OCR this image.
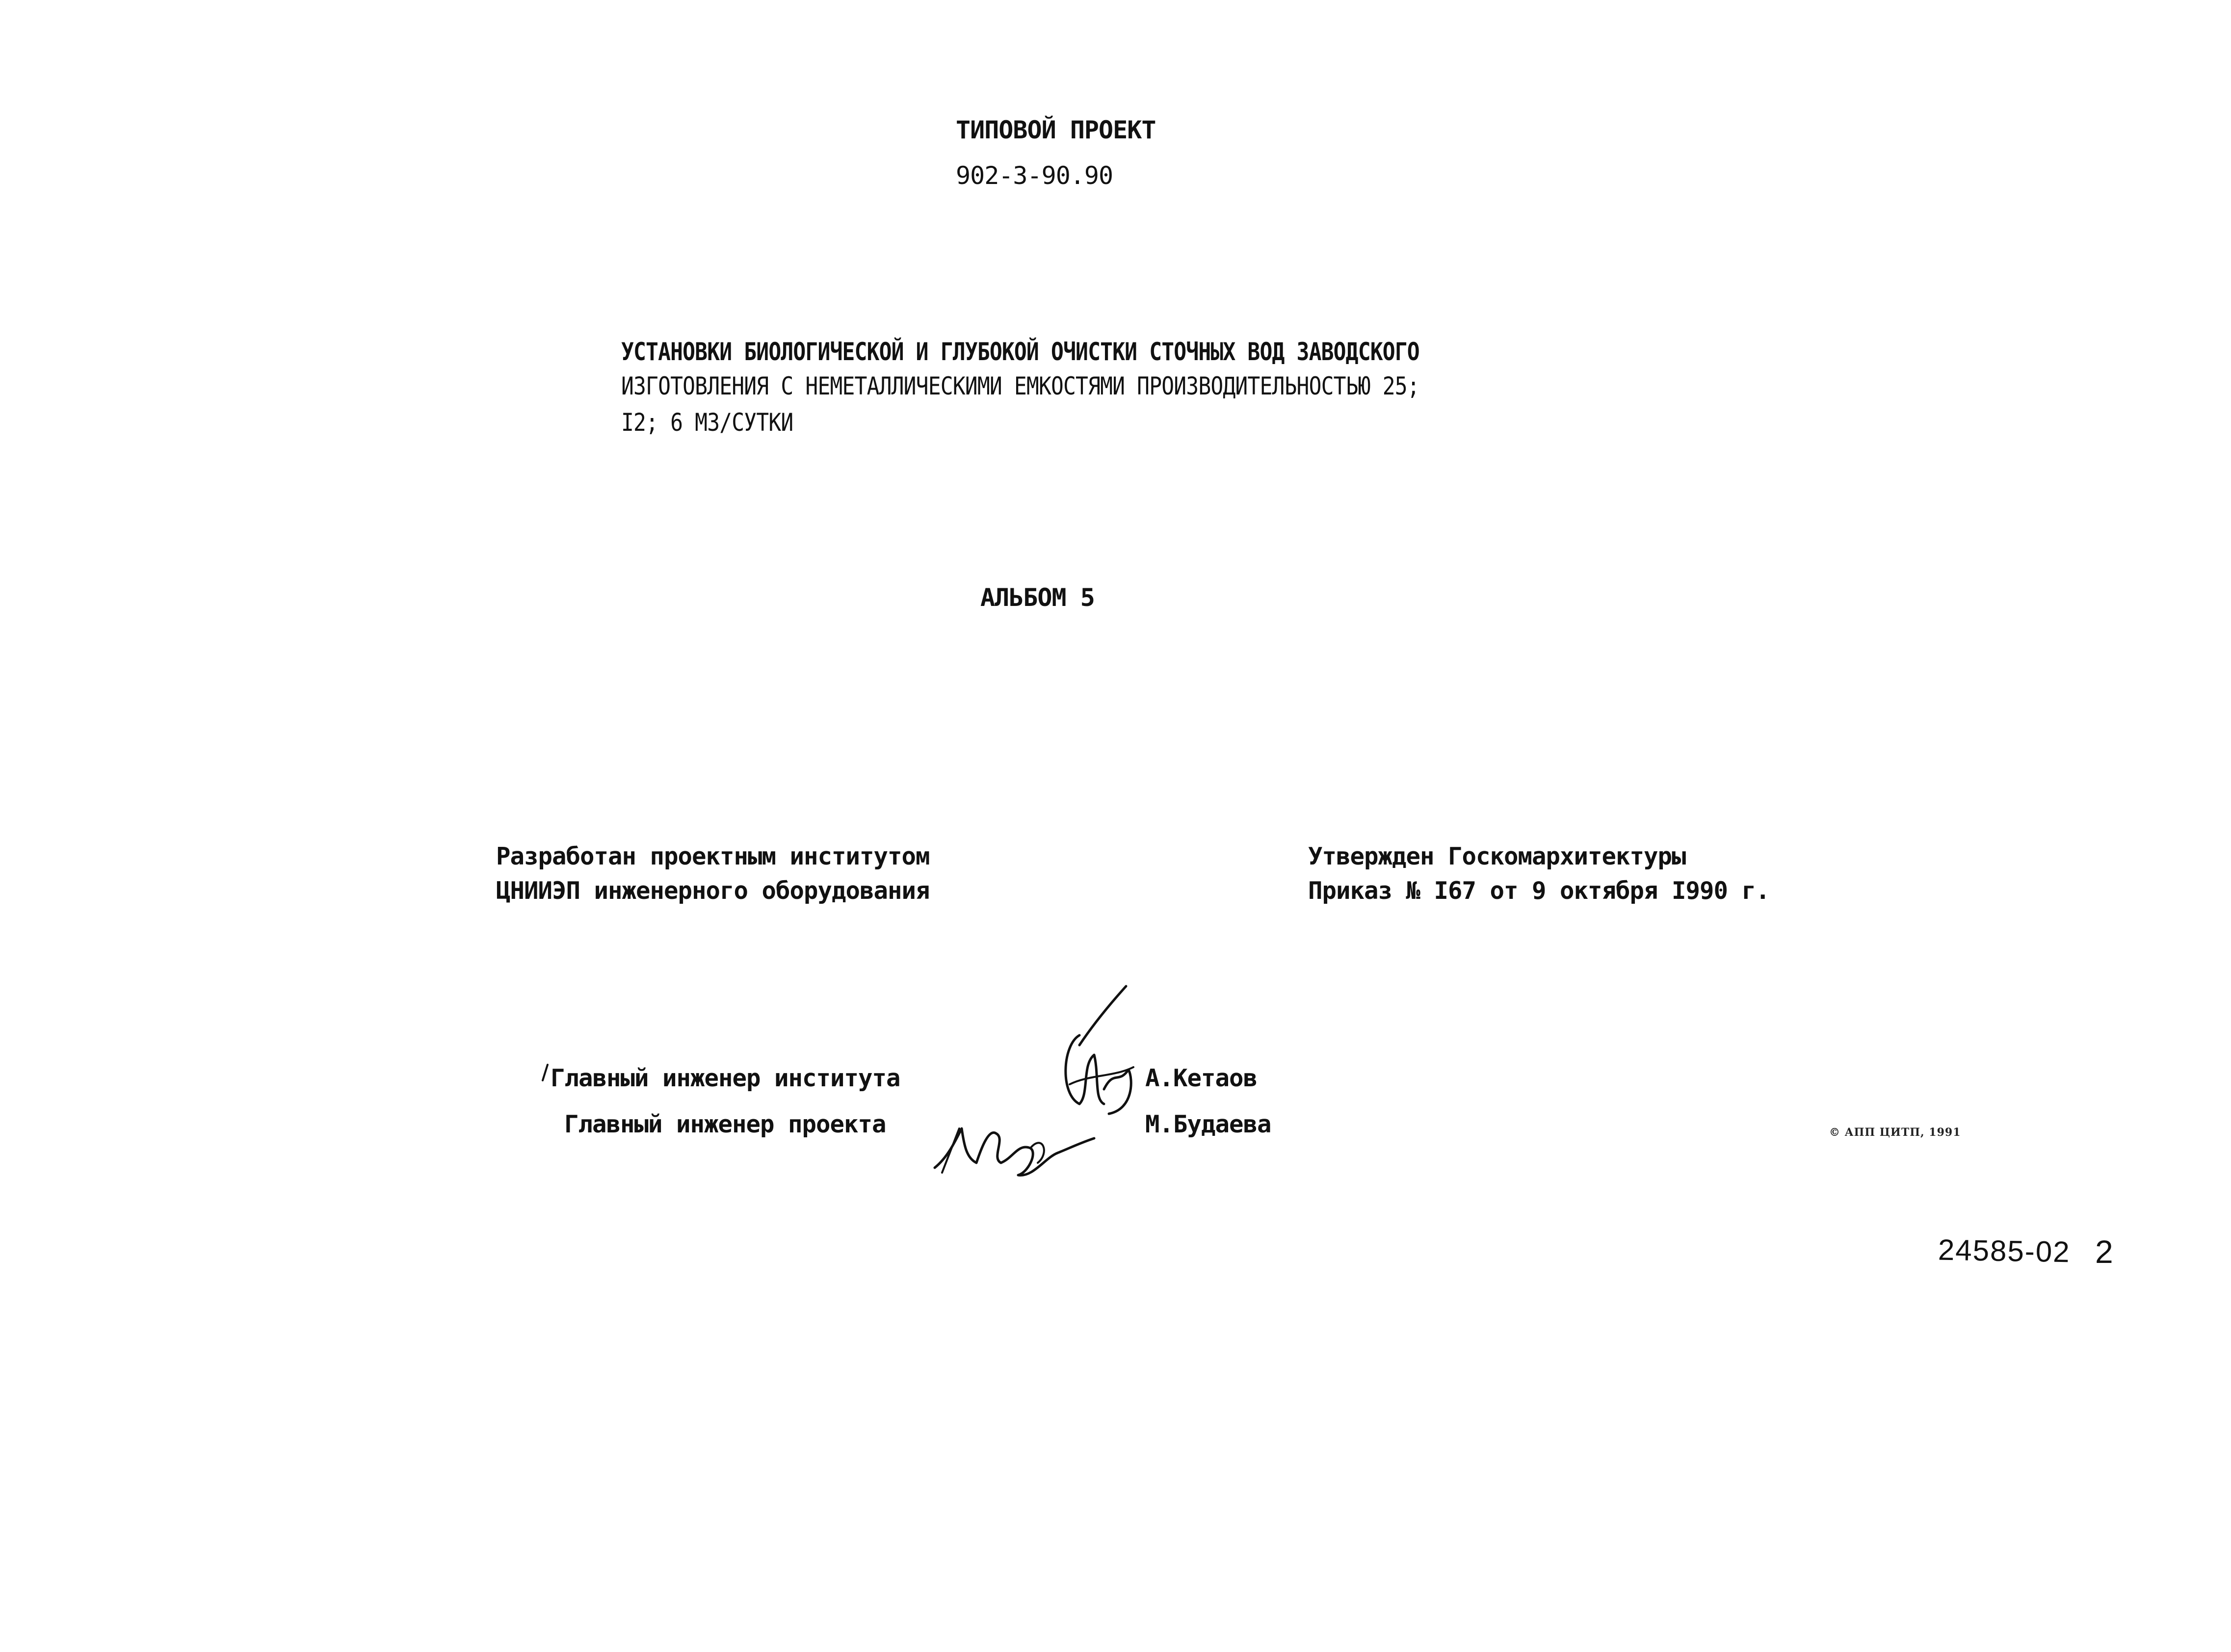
ТИПОВОЙ ПРОЕКТ
902-3-90.90
УСТАНОВКИ БИОЛОГИЧЕСКОЙ И ГЛУБОКОЙ ОЧИСТКИ СТОЧНЫХ ВОД ЗАВОДСКОГО
ИЗГОТОВЛЕНИЯ С НЕМЕТАЛЛИЧЕСКИМИ ЕМКОСТЯМИ ПРОИЗВОДИТЕЛЬНОСТЬЮ 25;
I2; 6 М3/СУТКИ
АЛЬБОМ 5
Разработан проектным институтом
ЦНИИЭП инженерного оборудования
Утвержден Госкомархитектуры
Приказ № I67 от 9 октября I990 г.
Главный инженер института
Главный инженер проекта
А.Кетаов
М.Будаева	© АПП ЦИТП, 1991
24585-02 2
